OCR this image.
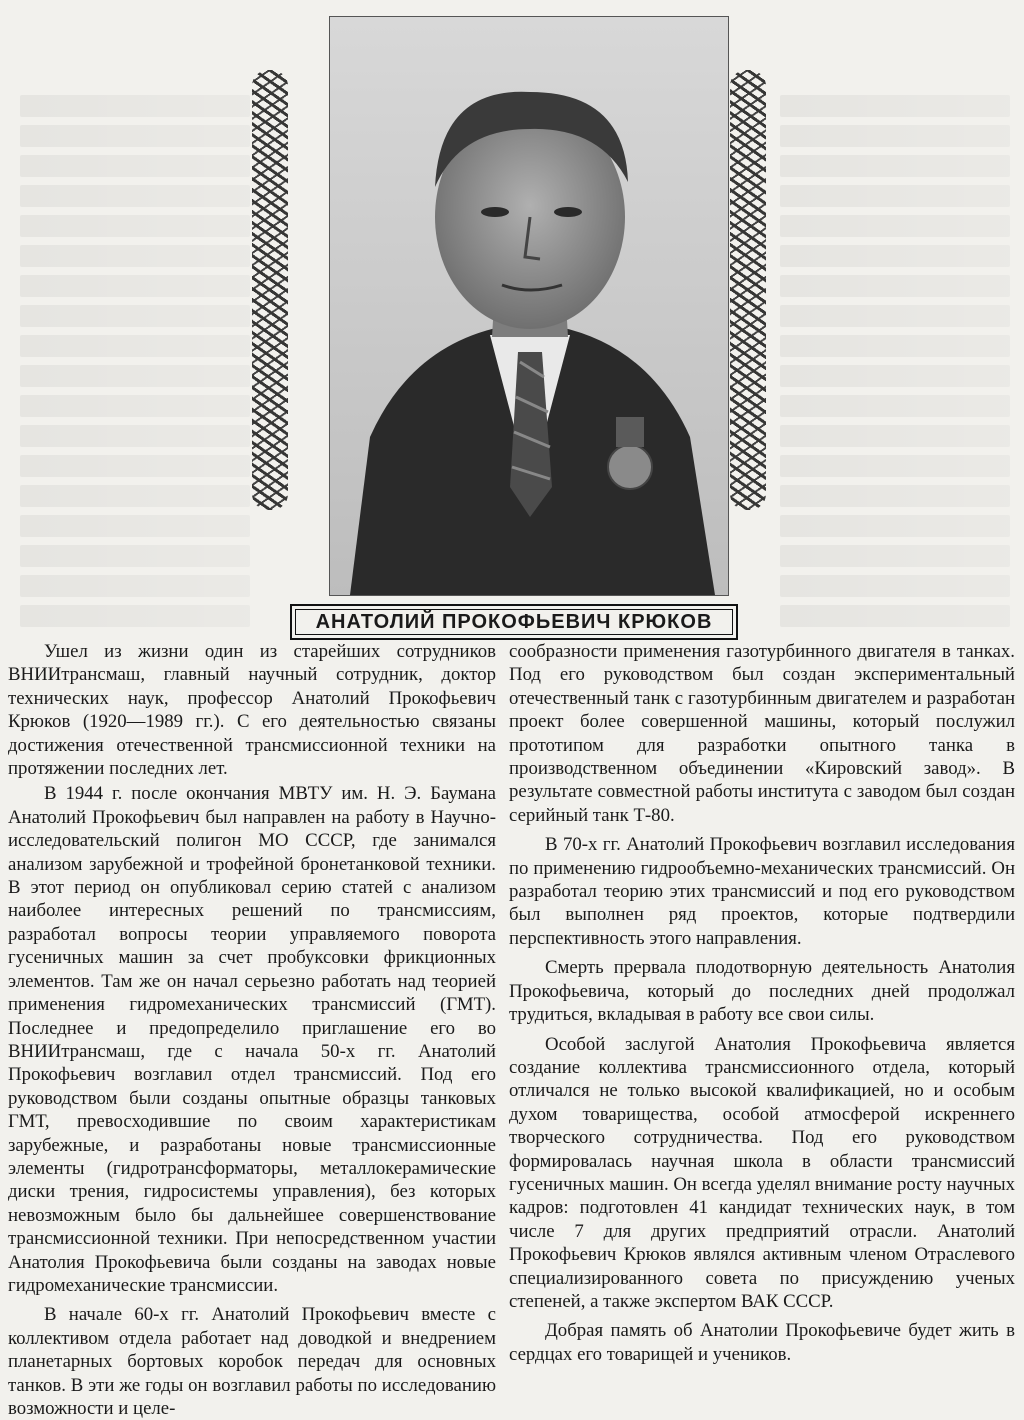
АНАТОЛИЙ ПРОКОФЬЕВИЧ КРЮКОВ

Ушел из жизни один из старейших сотрудников ВНИИтрансмаш, главный научный сотрудник, доктор технических наук, профессор Анатолий Прокофьевич Крюков (1920—1989 гг.). С его деятельностью связаны достижения отечественной трансмиссионной техники на протяжении последних лет.

В 1944 г. после окончания МВТУ им. Н. Э. Баумана Анатолий Прокофьевич был направлен на работу в Научно-исследовательский полигон МО СССР, где занимался анализом зарубежной и трофейной бронетанковой техники. В этот период он опубликовал серию статей с анализом наиболее интересных решений по трансмиссиям, разработал вопросы теории управляемого поворота гусеничных машин за счет пробуксовки фрикционных элементов. Там же он начал серьезно работать над теорией применения гидромеханических трансмиссий (ГМТ). Последнее и предопределило приглашение его во ВНИИтрансмаш, где с начала 50-х гг. Анатолий Прокофьевич возглавил отдел трансмиссий. Под его руководством были созданы опытные образцы танковых ГМТ, превосходившие по своим характеристикам зарубежные, и разработаны новые трансмиссионные элементы (гидротрансформаторы, металлокерамические диски трения, гидросистемы управления), без которых невозможным было бы дальнейшее совершенствование трансмиссионной техники. При непосредственном участии Анатолия Прокофьевича были созданы на заводах новые гидромеханические трансмиссии.

В начале 60-х гг. Анатолий Прокофьевич вместе с коллективом отдела работает над доводкой и внедрением планетарных бортовых коробок передач для основных танков. В эти же годы он возглавил работы по исследованию возможности и целе-

сообразности применения газотурбинного двигателя в танках. Под его руководством был создан экспериментальный отечественный танк с газотурбинным двигателем и разработан проект более совершенной машины, который послужил прототипом для разработки опытного танка в производственном объединении «Кировский завод». В результате совместной работы института с заводом был создан серийный танк Т-80.

В 70-х гг. Анатолий Прокофьевич возглавил исследования по применению гидрообъемно-механических трансмиссий. Он разработал теорию этих трансмиссий и под его руководством был выполнен ряд проектов, которые подтвердили перспективность этого направления.

Смерть прервала плодотворную деятельность Анатолия Прокофьевича, который до последних дней продолжал трудиться, вкладывая в работу все свои силы.

Особой заслугой Анатолия Прокофьевича является создание коллектива трансмиссионного отдела, который отличался не только высокой квалификацией, но и особым духом товарищества, особой атмосферой искреннего творческого сотрудничества. Под его руководством формировалась научная школа в области трансмиссий гусеничных машин. Он всегда уделял внимание росту научных кадров: подготовлен 41 кандидат технических наук, в том числе 7 для других предприятий отрасли. Анатолий Прокофьевич Крюков являлся активным членом Отраслевого специализированного совета по присуждению ученых степеней, а также экспертом ВАК СССР.

Добрая память об Анатолии Прокофьевиче будет жить в сердцах его товарищей и учеников.
